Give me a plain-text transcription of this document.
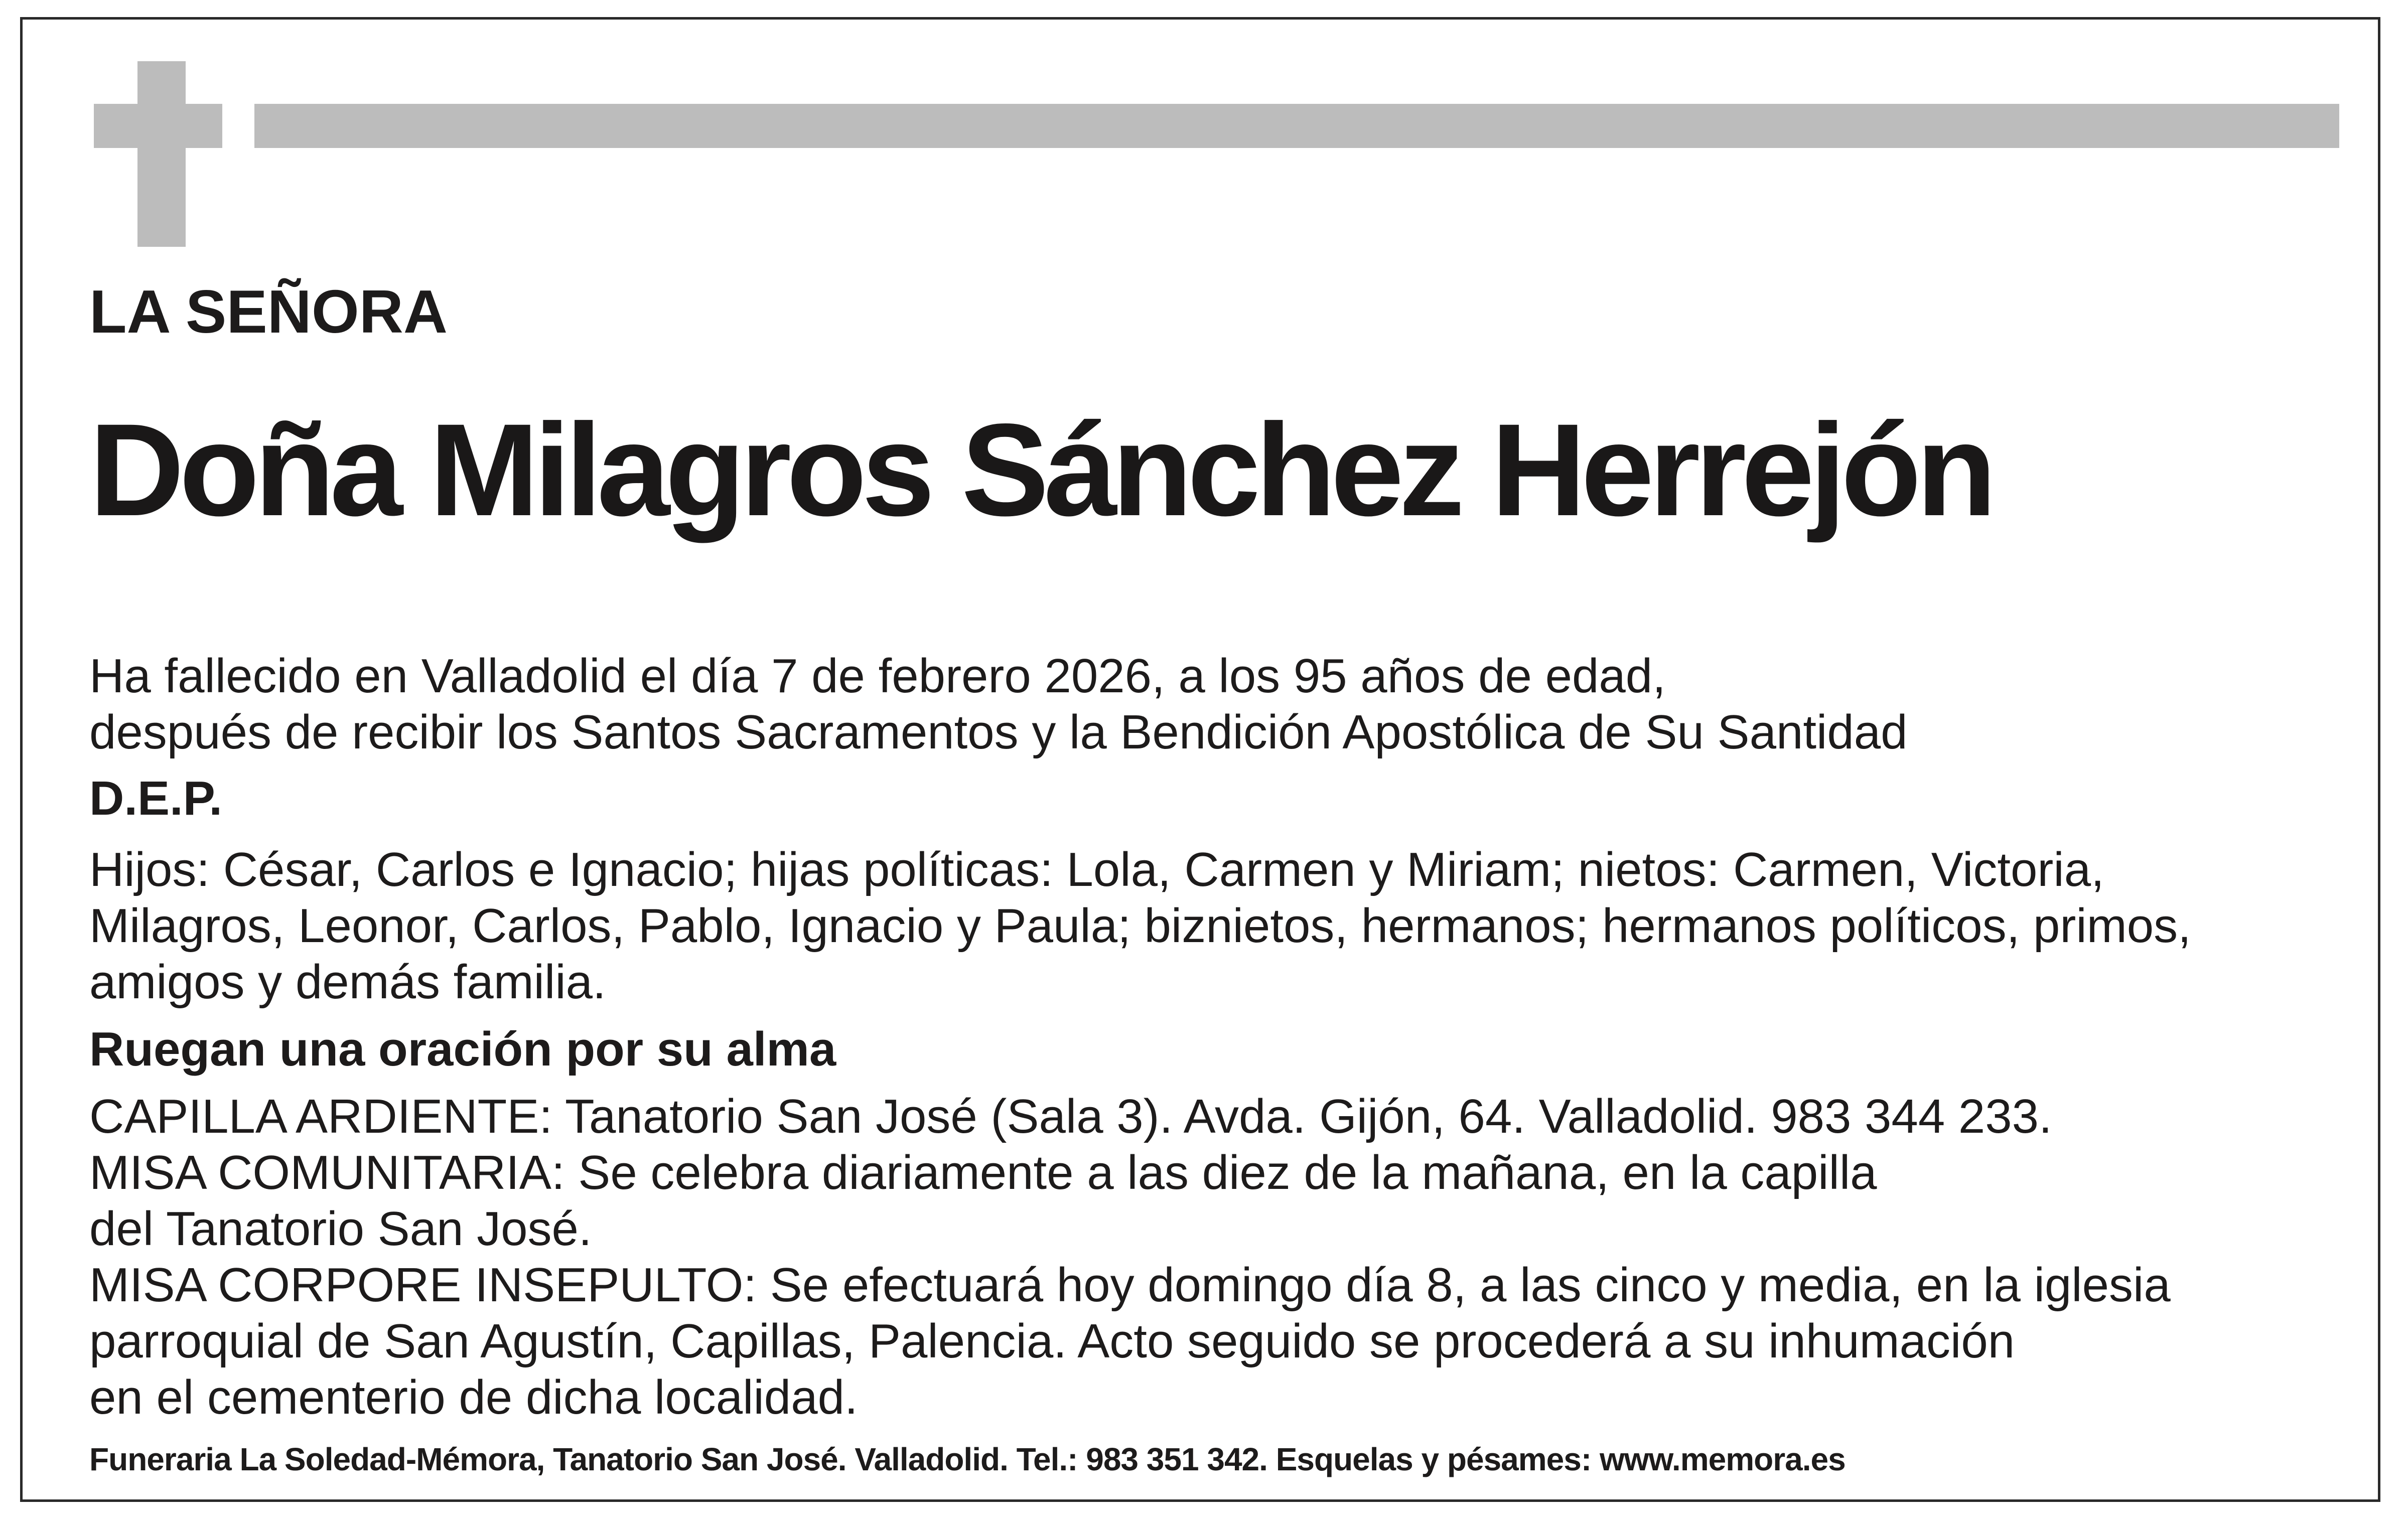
LA SEÑORA

Doña Milagros Sánchez Herrejón

Ha fallecido en Valladolid el día 7 de febrero 2026, a los 95 años de edad,

después de recibir los Santos Sacramentos y la Bendición Apostólica de Su Santidad

D.E.P.

Hijos: César, Carlos e Ignacio; hijas políticas: Lola, Carmen y Miriam; nietos: Carmen, Victoria,

Milagros, Leonor, Carlos, Pablo, Ignacio y Paula; biznietos, hermanos; hermanos políticos, primos,

amigos y demás familia.

Ruegan una oración por su alma

CAPILLA ARDIENTE: Tanatorio San José (Sala 3). Avda. Gijón, 64. Valladolid. 983 344 233.

MISA COMUNITARIA: Se celebra diariamente a las diez de la mañana, en la capilla

del Tanatorio San José.

MISA CORPORE INSEPULTO: Se efectuará hoy domingo día 8, a las cinco y media, en la iglesia

parroquial de San Agustín, Capillas, Palencia. Acto seguido se procederá a su inhumación

en el cementerio de dicha localidad.

Funeraria La Soledad-Mémora, Tanatorio San José. Valladolid. Tel.: 983 351 342. Esquelas y pésames: www.memora.es
